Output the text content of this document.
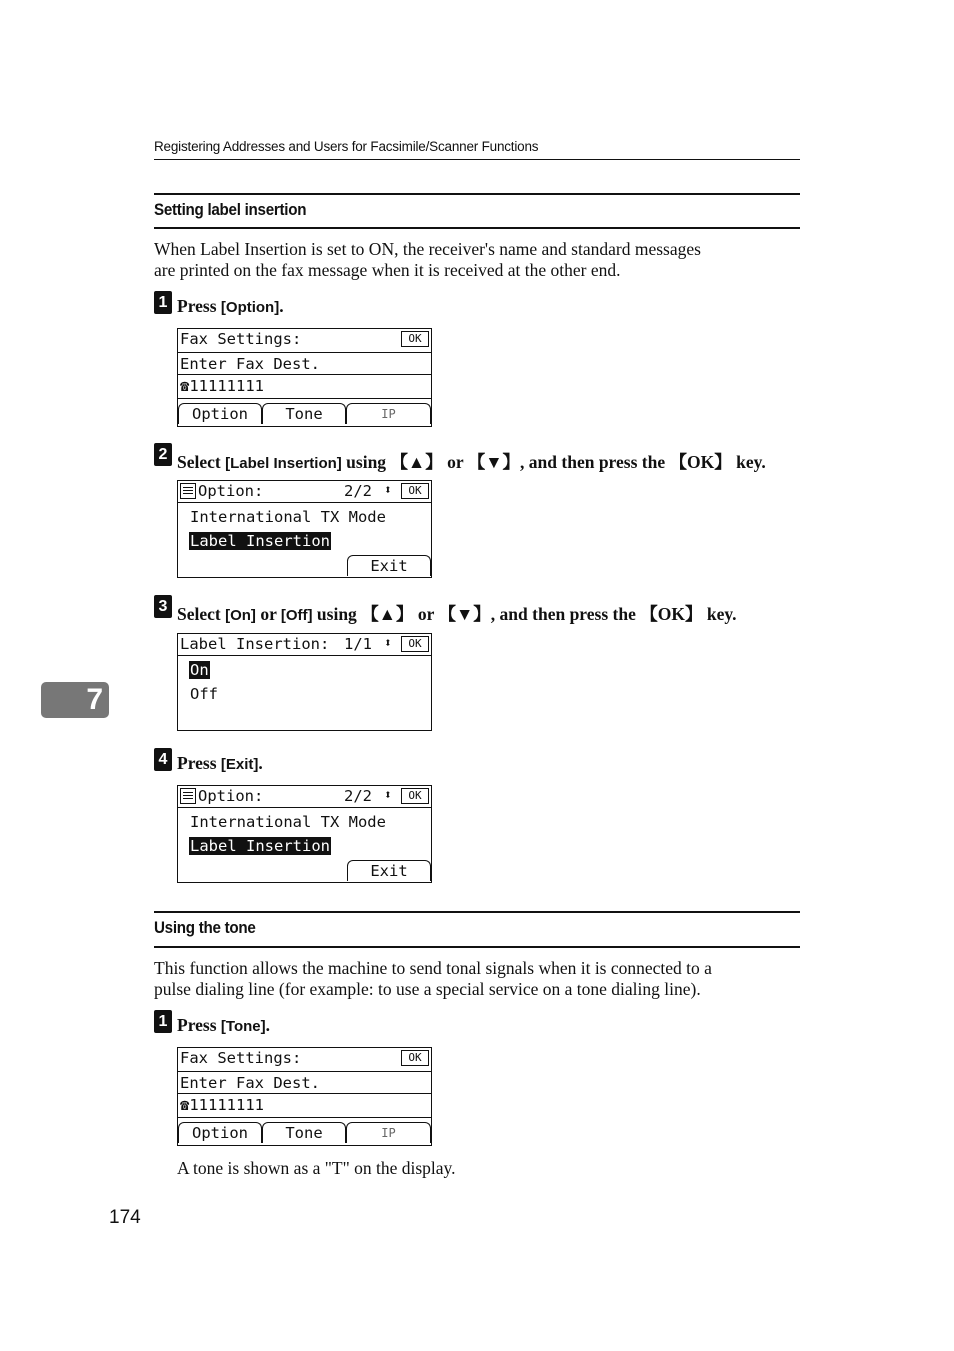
Registering Addresses and Users for Facsimile/Scanner Functions
7
Setting label insertion
When Label Insertion is set to ON, the receiver's name and standard messages
are printed on the fax message when it is received at the other end.
1 Press [Option].
Fax Settings:	OK
Enter Fax Dest.
☎11111111
Option	Tone	IP
2 Select [Label Insertion] using 【▲】 or 【▼】, and then press the 【OK】 key.
Option:	2/2 ⬍	OK
International TX Mode
Label Insertion
Exit
3 Select [On] or [Off] using 【▲】 or 【▼】, and then press the 【OK】 key.
Label Insertion: 1/1 ⬍	OK
On
Off
4 Press [Exit].
Option:	2/2 ⬍	OK
International TX Mode
Label Insertion
Exit
Using the tone
This function allows the machine to send tonal signals when it is connected to a
pulse dialing line (for example: to use a special service on a tone dialing line).
1 Press [Tone].
Fax Settings:	OK
Enter Fax Dest.
☎11111111
Option	Tone	IP
A tone is shown as a "T" on the display.
174
